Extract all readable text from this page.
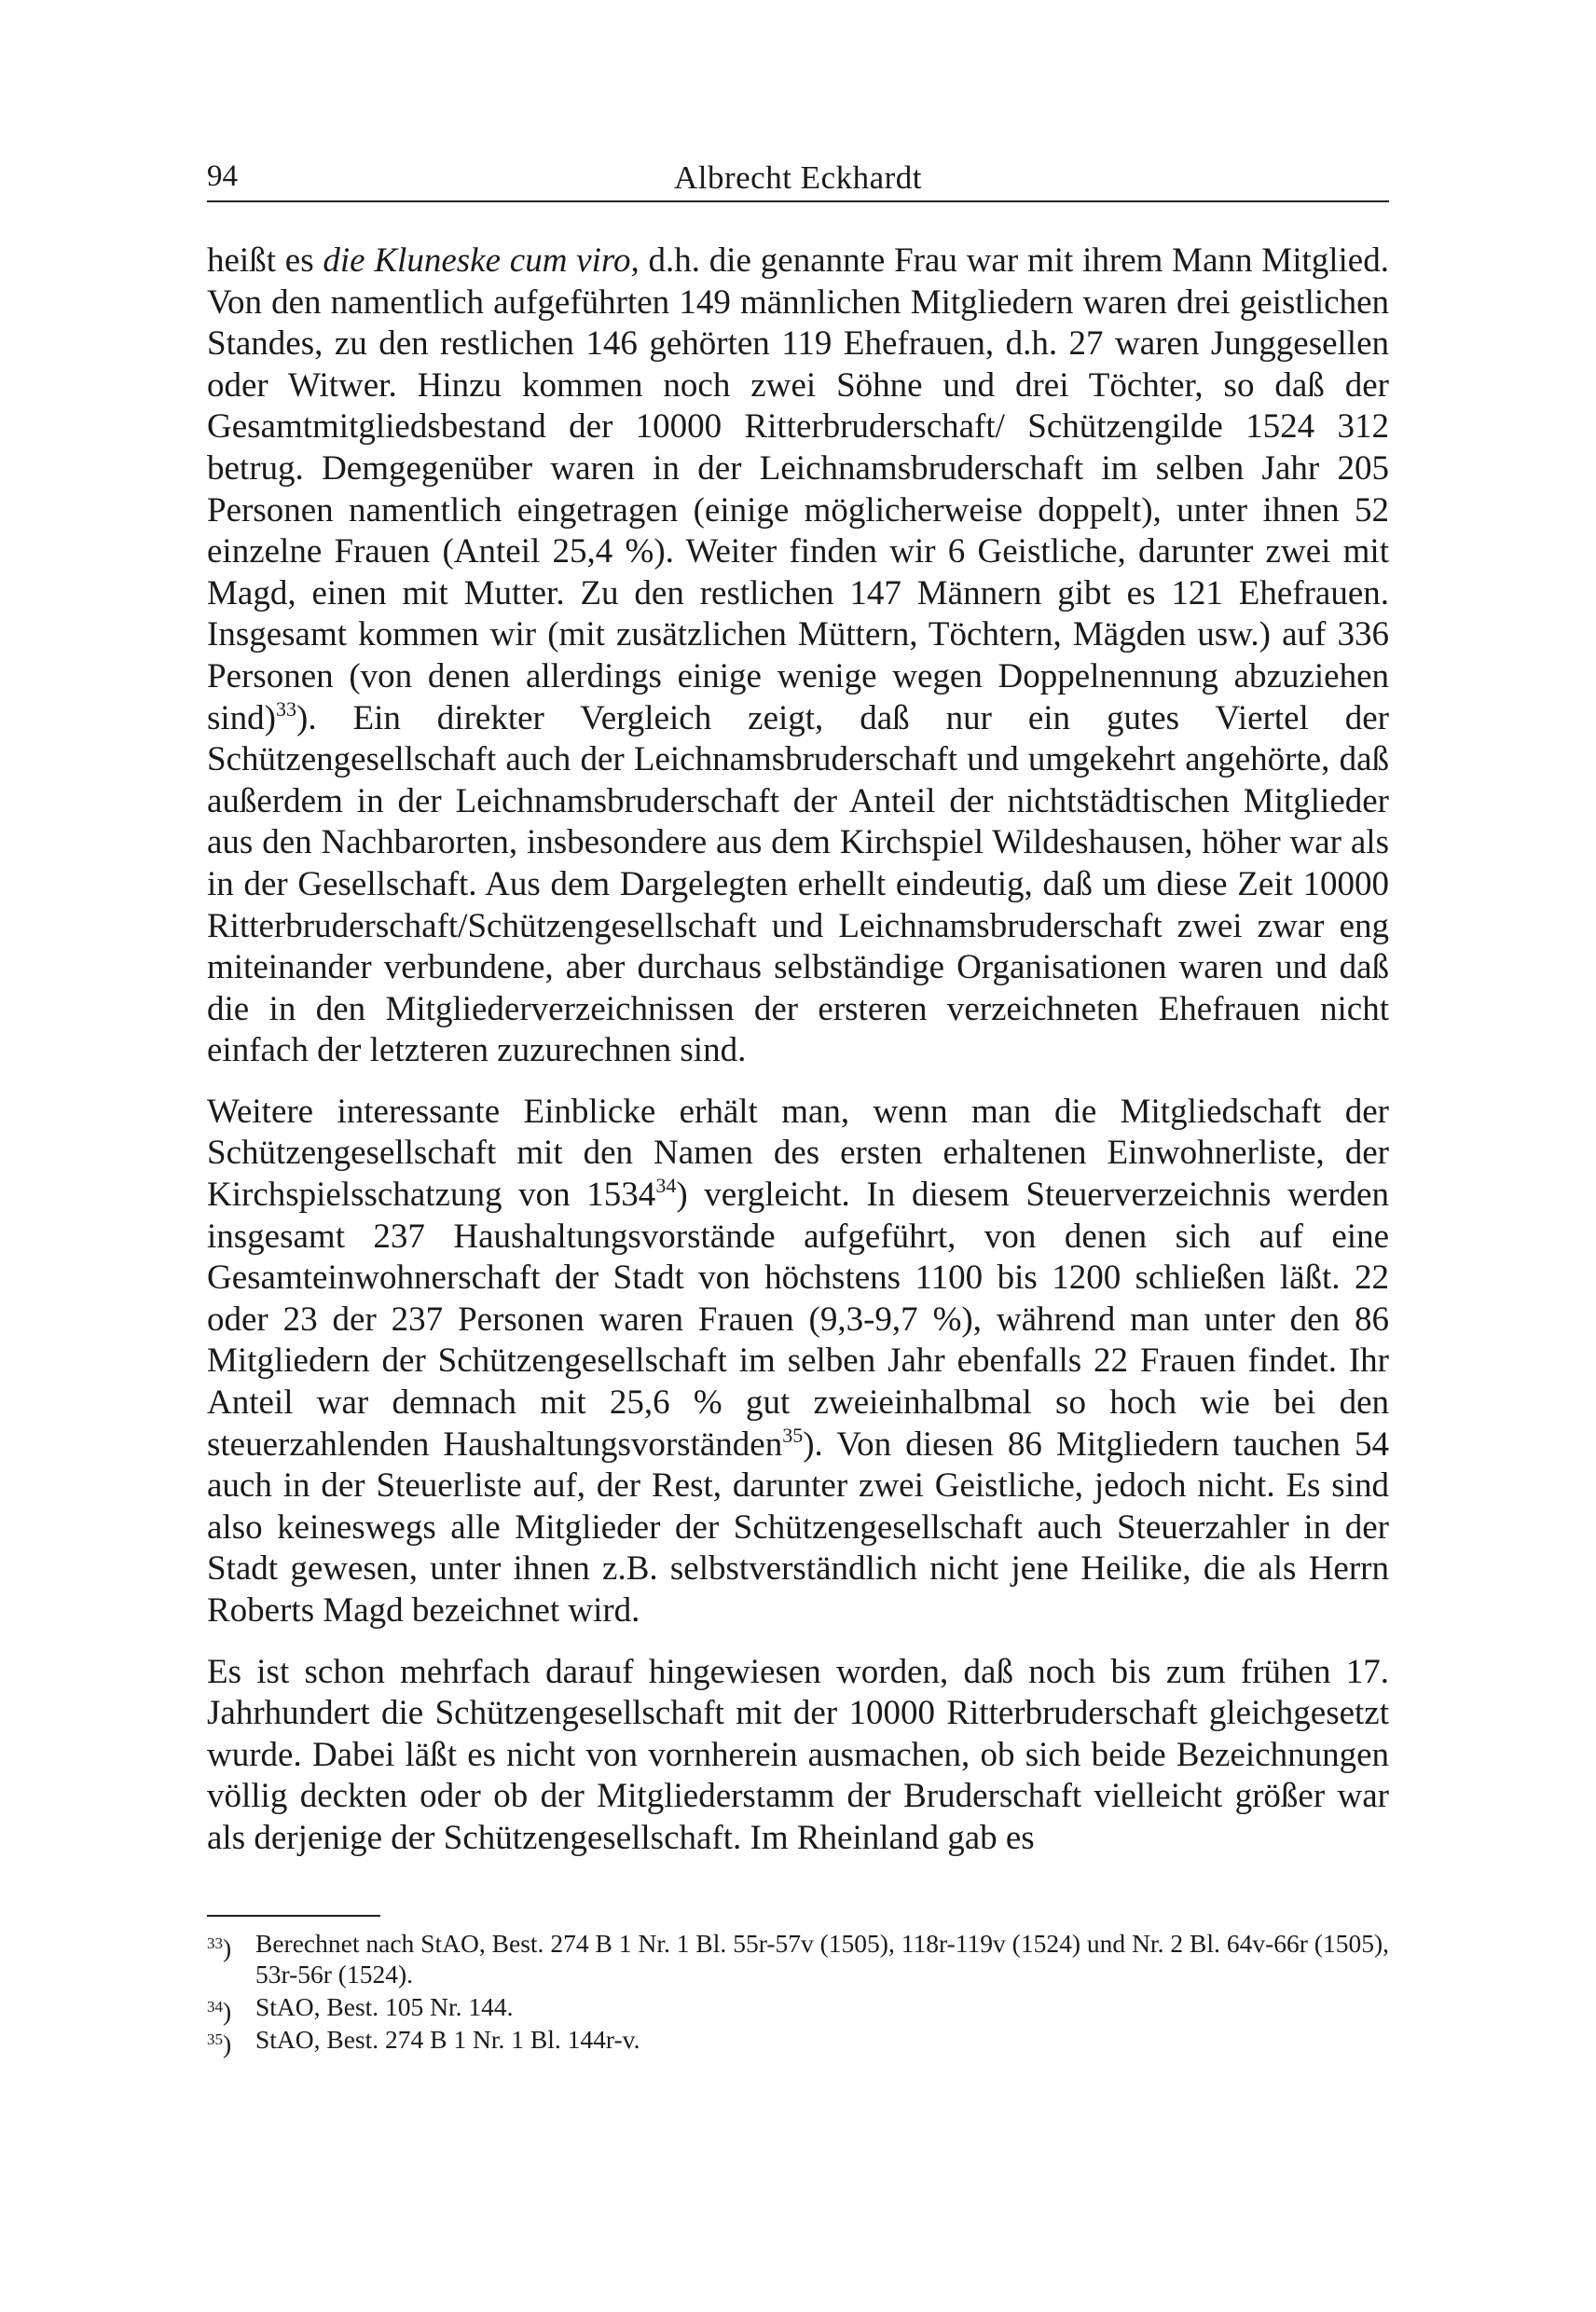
94	Albrecht Eckhardt

heißt es die Kluneske cum viro, d.h. die genannte Frau war mit ihrem Mann Mitglied. Von den namentlich aufgeführten 149 männlichen Mitgliedern waren drei geistlichen Standes, zu den restlichen 146 gehörten 119 Ehefrauen, d.h. 27 waren Junggesellen oder Witwer. Hinzu kommen noch zwei Söhne und drei Töchter, so daß der Gesamtmitgliedsbestand der 10000 Ritterbruderschaft/ Schützengilde 1524 312 betrug. Demgegenüber waren in der Leichnamsbruderschaft im selben Jahr 205 Personen namentlich eingetragen (einige möglicherweise doppelt), unter ihnen 52 einzelne Frauen (Anteil 25,4 %). Weiter finden wir 6 Geistliche, darunter zwei mit Magd, einen mit Mutter. Zu den restlichen 147 Männern gibt es 121 Ehefrauen. Insgesamt kommen wir (mit zusätzlichen Müttern, Töchtern, Mägden usw.) auf 336 Personen (von denen allerdings einige wenige wegen Doppelnennung abzuziehen sind)$^{33}$). Ein direkter Vergleich zeigt, daß nur ein gutes Viertel der Schützengesellschaft auch der Leichnamsbruderschaft und umgekehrt angehörte, daß außerdem in der Leichnamsbruderschaft der Anteil der nichtstädtischen Mitglieder aus den Nachbarorten, insbesondere aus dem Kirchspiel Wildeshausen, höher war als in der Gesellschaft. Aus dem Dargelegten erhellt eindeutig, daß um diese Zeit 10000 Ritterbruderschaft/Schützengesellschaft und Leichnamsbruderschaft zwei zwar eng miteinander verbundene, aber durchaus selbständige Organisationen waren und daß die in den Mitgliederverzeichnissen der ersteren verzeichneten Ehefrauen nicht einfach der letzteren zuzurechnen sind.

Weitere interessante Einblicke erhält man, wenn man die Mitgliedschaft der Schützengesellschaft mit den Namen des ersten erhaltenen Einwohnerliste, der Kirchspielsschatzung von 1534$^{34}$) vergleicht. In diesem Steuerverzeichnis werden insgesamt 237 Haushaltungsvorstände aufgeführt, von denen sich auf eine Gesamteinwohnerschaft der Stadt von höchstens 1100 bis 1200 schließen läßt. 22 oder 23 der 237 Personen waren Frauen (9,3-9,7 %), während man unter den 86 Mitgliedern der Schützengesellschaft im selben Jahr ebenfalls 22 Frauen findet. Ihr Anteil war demnach mit 25,6 % gut zweieinhalbmal so hoch wie bei den steuerzahlenden Haushaltungsvorständen$^{35}$). Von diesen 86 Mitgliedern tauchen 54 auch in der Steuerliste auf, der Rest, darunter zwei Geistliche, jedoch nicht. Es sind also keineswegs alle Mitglieder der Schützengesellschaft auch Steuerzahler in der Stadt gewesen, unter ihnen z.B. selbstverständlich nicht jene Heilike, die als Herrn Roberts Magd bezeichnet wird.

Es ist schon mehrfach darauf hingewiesen worden, daß noch bis zum frühen 17. Jahrhundert die Schützengesellschaft mit der 10000 Ritterbruderschaft gleichgesetzt wurde. Dabei läßt es nicht von vornherein ausmachen, ob sich beide Bezeichnungen völlig deckten oder ob der Mitgliederstamm der Bruderschaft vielleicht größer war als derjenige der Schützengesellschaft. Im Rheinland gab es

$^{33}$) Berechnet nach StAO, Best. 274 B 1 Nr. 1 Bl. 55r-57v (1505), 118r-119v (1524) und Nr. 2 Bl. 64v-66r (1505), 53r-56r (1524).
$^{34}$) StAO, Best. 105 Nr. 144.
$^{35}$) StAO, Best. 274 B 1 Nr. 1 Bl. 144r-v.
